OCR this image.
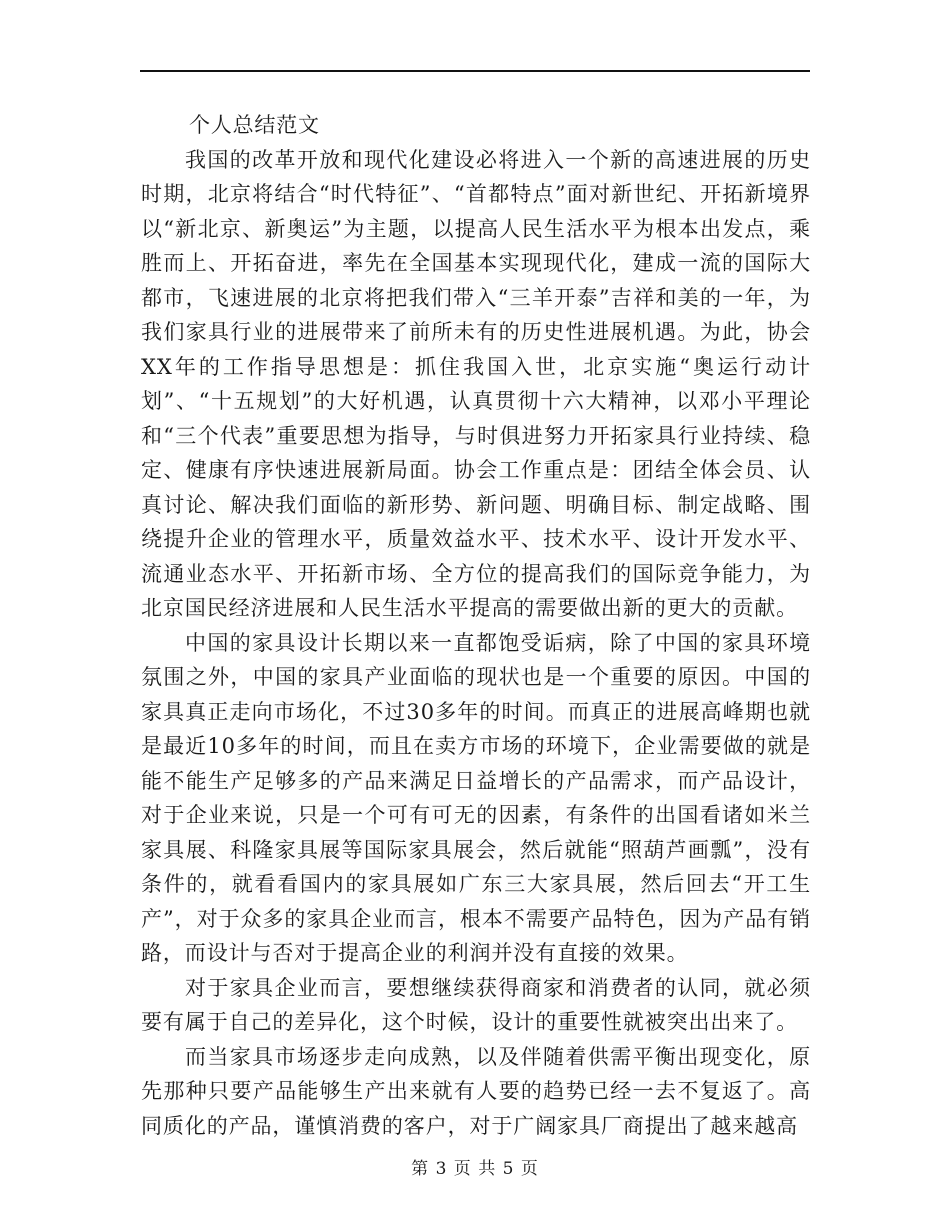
个人总结范文

我国的改革开放和现代化建设必将进入一个新的高速进展的历史时期，北京将结合“时代特征”、“首都特点”面对新世纪、开拓新境界以“新北京、新奥运”为主题，以提高人民生活水平为根本出发点，乘胜而上、开拓奋进，率先在全国基本实现现代化，建成一流的国际大都市，飞速进展的北京将把我们带入“三羊开泰”吉祥和美的一年，为我们家具行业的进展带来了前所未有的历史性进展机遇。为此，协会XX年的工作指导思想是：抓住我国入世，北京实施“奥运行动计划”、“十五规划”的大好机遇，认真贯彻十六大精神，以邓小平理论和“三个代表”重要思想为指导，与时俱进努力开拓家具行业持续、稳定、健康有序快速进展新局面。协会工作重点是：团结全体会员、认真讨论、解决我们面临的新形势、新问题、明确目标、制定战略、围绕提升企业的管理水平，质量效益水平、技术水平、设计开发水平、流通业态水平、开拓新市场、全方位的提高我们的国际竞争能力，为北京国民经济进展和人民生活水平提高的需要做出新的更大的贡献。

中国的家具设计长期以来一直都饱受诟病，除了中国的家具环境氛围之外，中国的家具产业面临的现状也是一个重要的原因。中国的家具真正走向市场化，不过30多年的时间。而真正的进展高峰期也就是最近10多年的时间，而且在卖方市场的环境下，企业需要做的就是能不能生产足够多的产品来满足日益增长的产品需求，而产品设计，对于企业来说，只是一个可有可无的因素，有条件的出国看诸如米兰家具展、科隆家具展等国际家具展会，然后就能“照葫芦画瓢”，没有条件的，就看看国内的家具展如广东三大家具展，然后回去“开工生产”，对于众多的家具企业而言，根本不需要产品特色，因为产品有销路，而设计与否对于提高企业的利润并没有直接的效果。

对于家具企业而言，要想继续获得商家和消费者的认同，就必须要有属于自己的差异化，这个时候，设计的重要性就被突出出来了。

而当家具市场逐步走向成熟，以及伴随着供需平衡出现变化，原先那种只要产品能够生产出来就有人要的趋势已经一去不复返了。高同质化的产品，谨慎消费的客户，对于广阔家具厂商提出了越来越高

第 3 页 共 5 页
